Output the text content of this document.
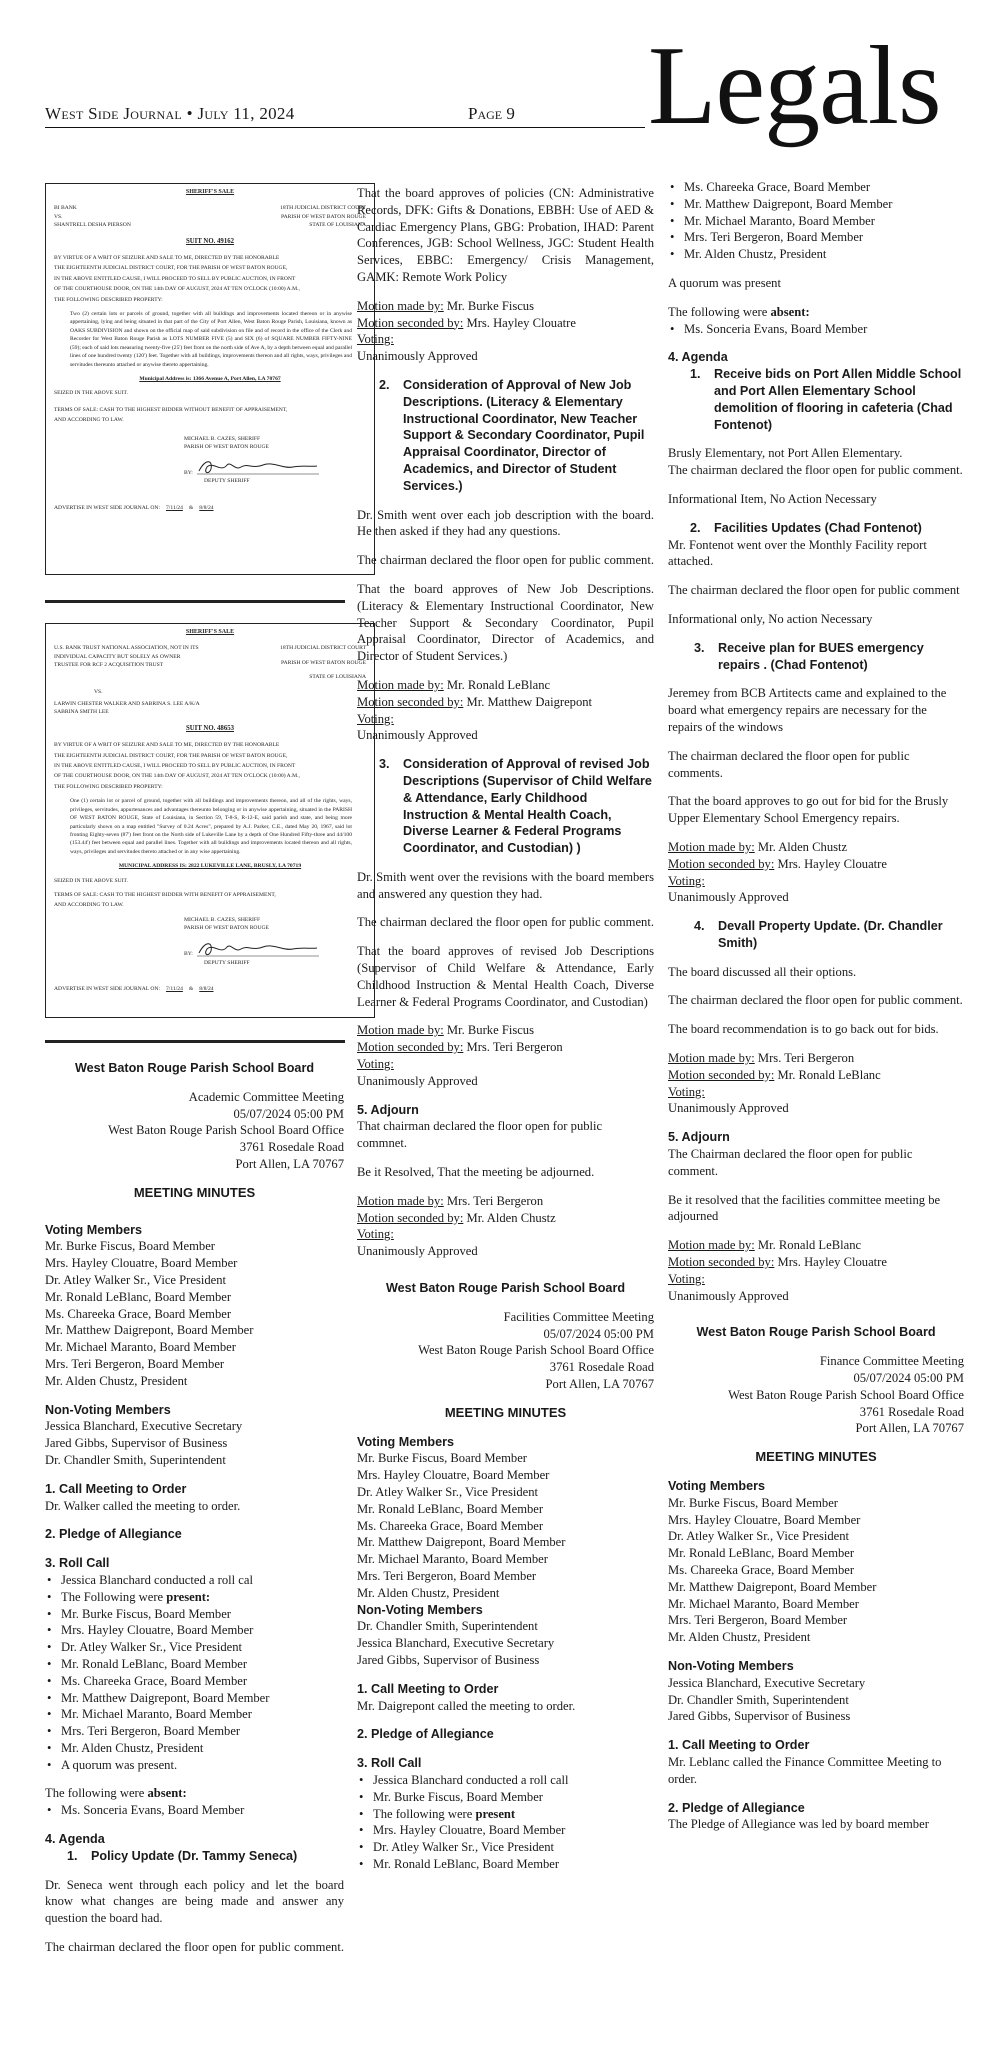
West Side Journal • July 11, 2024	Page 9 Legals
SHERIFF'S SALE
BI BANK	18TH JUDICIAL DISTRICT COURT
VS.	PARISH OF WEST BATON ROUGE
SHANTRELL DESHA PIERSON	STATE OF LOUISIANA
SUIT NO. 49162
BY VIRTUE OF A WRIT OF SEIZURE AND SALE TO ME, DIRECTED BY THE HONORABLE
THE EIGHTEENTH JUDICIAL DISTRICT COURT, FOR THE PARISH OF WEST BATON ROUGE,
IN THE ABOVE ENTITLED CAUSE, I WILL PROCEED TO SELL BY PUBLIC AUCTION, IN FRONT
OF THE COURTHOUSE DOOR, ON THE 14th DAY OF AUGUST, 2024 AT TEN O'CLOCK (10:00) A.M.,
THE FOLLOWING DESCRIBED PROPERTY:
Two (2) certain lots or parcels of ground, together with all buildings and improvements located thereon or in anywise appertaining, lying and being situated in that part of the City of Port Allen, West Baton Rouge Parish, Louisiana, known as OAKS SUBDIVISION and shown on the official map of said subdivision on file and of record in the office of the Clerk and Recorder for West Baton Rouge Parish as LOTS NUMBER FIVE (5) and SIX (6) of SQUARE NUMBER FIFTY-NINE (59); each of said lots measuring twenty-five (25') feet front on the north side of Ave A, by a depth between equal and parallel lines of one hundred twenty (120') feet. Together with all buildings, improvements thereon and all rights, ways, privileges and servitudes thereunto attached or anywise thereto appertaining.
Municipal Address is: 1366 Avenue A, Port Allen, LA 70767
SEIZED IN THE ABOVE SUIT.
TERMS OF SALE: CASH TO THE HIGHEST BIDDER WITHOUT BENEFIT OF APPRAISEMENT,
AND ACCORDING TO LAW.
MICHAEL B. CAZES, SHERIFF
PARISH OF WEST BATON ROUGE
BY:
DEPUTY SHERIFF
ADVERTISE IN WEST SIDE JOURNAL ON: 7/11/24 & 8/8/24
SHERIFF'S SALE
U.S. BANK TRUST NATIONAL ASSOCIATION, NOT IN ITS INDIVIDUAL CAPACITY BUT SOLELY AS OWNER TRUSTEE FOR RCF 2 ACQUISITION TRUST
18TH JUDICIAL DISTRICT COURT
PARISH OF WEST BATON ROUGE
STATE OF LOUISIANA
VS.
LARWIN CHESTER WALKER AND SABRINA S. LEE A/K/A SABRINA SMITH LEE
SUIT NO. 48653
BY VIRTUE OF A WRIT OF SEIZURE AND SALE TO ME, DIRECTED BY THE HONORABLE
THE EIGHTEENTH JUDICIAL DISTRICT COURT, FOR THE PARISH OF WEST BATON ROUGE,
IN THE ABOVE ENTITLED CAUSE, I WILL PROCEED TO SELL BY PUBLIC AUCTION, IN FRONT
OF THE COURTHOUSE DOOR, ON THE 14th DAY OF AUGUST, 2024 AT TEN O'CLOCK (10:00) A.M.,
THE FOLLOWING DESCRIBED PROPERTY:
One (1) certain lot or parcel of ground, together with all buildings and improvements thereon, and all of the rights, ways, privileges, servitudes, appurtenances and advantages thereunto belonging or in anywise appertaining, situated in the PARISH OF WEST BATON ROUGE, State of Louisiana, in Section 59, T-8-S, R-12-E, said parish and state, and being more particularly shown on a map entitled "Survey of 0.24 Acres", prepared by A.J. Parker, C.E., dated May 20, 1967, said lot fronting Eighty-seven (87') feet front on the North side of Lukeville Lane by a depth of One Hundred Fifty-three and 44/100 (153.44') feet between equal and parallel lines. Together with all buildings and improvements located thereon and all rights, ways, privileges and servitudes thereto attached or in any wise appertaining.
MUNICIPAL ADDRESS IS: 2822 LUKEVILLE LANE, BRUSLY, LA 70719
SEIZED IN THE ABOVE SUIT.
TERMS OF SALE: CASH TO THE HIGHEST BIDDER WITH BENEFIT OF APPRAISEMENT,
AND ACCORDING TO LAW.
MICHAEL B. CAZES, SHERIFF
PARISH OF WEST BATON ROUGE
BY:
DEPUTY SHERIFF
ADVERTISE IN WEST SIDE JOURNAL ON: 7/11/24 & 8/8/24

West Baton Rouge Parish School Board

Academic Committee Meeting

05/07/2024 05:00 PM

West Baton Rouge Parish School Board Office

3761 Rosedale Road

Port Allen, LA 70767

MEETING MINUTES

Voting Members

Mr. Burke Fiscus, Board Member

Mrs. Hayley Clouatre, Board Member

Dr. Atley Walker Sr., Vice President

Mr. Ronald LeBlanc, Board Member

Ms. Chareeka Grace, Board Member

Mr. Matthew Daigrepont, Board Member

Mr. Michael Maranto, Board Member

Mrs. Teri Bergeron, Board Member

Mr. Alden Chustz, President

Non-Voting Members

Jessica Blanchard, Executive Secretary

Jared Gibbs, Supervisor of Business

Dr. Chandler Smith, Superintendent

1. Call Meeting to Order

Dr. Walker called the meeting to order.

2. Pledge of Allegiance

3. Roll Call

• Jessica Blanchard conducted a roll cal
• The Following were present:
• Mr. Burke Fiscus, Board Member
• Mrs. Hayley Clouatre, Board Member
• Dr. Atley Walker Sr., Vice President
• Mr. Ronald LeBlanc, Board Member
• Ms. Chareeka Grace, Board Member
• Mr. Matthew Daigrepont, Board Member
• Mr. Michael Maranto, Board Member
• Mrs. Teri Bergeron, Board Member
• Mr. Alden Chustz, President
• A quorum was present.

The following were absent:

• Ms. Sonceria Evans, Board Member

4. Agenda

1.	Policy Update (Dr. Tammy Seneca)

Dr. Seneca went through each policy and let the board know what changes are being made and answer any question the board had.

The chairman declared the floor open for public comment.

That the board approves of policies (CN: Administrative Records, DFK: Gifts & Donations, EBBH: Use of AED & Cardiac Emergency Plans, GBG: Probation, IHAD: Parent Conferences, JGB: School Wellness, JGC: Student Health Services, EBBC: Emergency/ Crisis Management, GAMK: Remote Work Policy

Motion made by: Mr. Burke Fiscus

Motion seconded by: Mrs. Hayley Clouatre

Voting:

Unanimously Approved

2.	Consideration of Approval of New Job Descriptions. (Literacy & Elementary Instructional Coordinator, New Teacher Support & Secondary Coordinator, Pupil Appraisal Coordinator, Director of Academics, and Director of Student Services.)

Dr. Smith went over each job description with the board. He then asked if they had any questions.

The chairman declared the floor open for public comment.

That the board approves of New Job Descriptions. (Literacy & Elementary Instructional Coordinator, New Teacher Support & Secondary Coordinator, Pupil Appraisal Coordinator, Director of Academics, and Director of Student Services.)

Motion made by: Mr. Ronald LeBlanc

Motion seconded by: Mr. Matthew Daigrepont

Voting:

Unanimously Approved

3.	Consideration of Approval of revised Job Descriptions (Supervisor of Child Welfare & Attendance, Early Childhood Instruction & Mental Health Coach, Diverse Learner & Federal Programs Coordinator, and Custodian) )

Dr. Smith went over the revisions with the board members and answered any question they had.

The chairman declared the floor open for public comment.

That the board approves of revised Job Descriptions (Supervisor of Child Welfare & Attendance, Early Childhood Instruction & Mental Health Coach, Diverse Learner & Federal Programs Coordinator, and Custodian)

Motion made by: Mr. Burke Fiscus

Motion seconded by: Mrs. Teri Bergeron

Voting:

Unanimously Approved

5. Adjourn

That chairman declared the floor open for public commnet.

Be it Resolved, That the meeting be adjourned.

Motion made by: Mrs. Teri Bergeron

Motion seconded by: Mr. Alden Chustz

Voting:

Unanimously Approved

West Baton Rouge Parish School Board

Facilities Committee Meeting

05/07/2024 05:00 PM

West Baton Rouge Parish School Board Office

3761 Rosedale Road

Port Allen, LA 70767

MEETING MINUTES

Voting Members

Mr. Burke Fiscus, Board Member

Mrs. Hayley Clouatre, Board Member

Dr. Atley Walker Sr., Vice President

Mr. Ronald LeBlanc, Board Member

Ms. Chareeka Grace, Board Member

Mr. Matthew Daigrepont, Board Member

Mr. Michael Maranto, Board Member

Mrs. Teri Bergeron, Board Member

Mr. Alden Chustz, President

Non-Voting Members

Dr. Chandler Smith, Superintendent

Jessica Blanchard, Executive Secretary

Jared Gibbs, Supervisor of Business

1. Call Meeting to Order

Mr. Daigrepont called the meeting to order.

2. Pledge of Allegiance

3. Roll Call

• Jessica Blanchard conducted a roll call
• Mr. Burke Fiscus, Board Member
• The following were present
• Mrs. Hayley Clouatre, Board Member
• Dr. Atley Walker Sr., Vice President
• Mr. Ronald LeBlanc, Board Member
• Ms. Chareeka Grace, Board Member
• Mr. Matthew Daigrepont, Board Member
• Mr. Michael Maranto, Board Member
• Mrs. Teri Bergeron, Board Member
• Mr. Alden Chustz, President

A quorum was present

The following were absent:

• Ms. Sonceria Evans, Board Member

4. Agenda

1.	Receive bids on Port Allen Middle School and Port Allen Elementary School demolition of flooring in cafeteria (Chad Fontenot)

Brusly Elementary, not Port Allen Elementary.

The chairman declared the floor open for public comment.

Informational Item, No Action Necessary

2.	Facilities Updates (Chad Fontenot)

Mr. Fontenot went over the Monthly Facility report attached.

The chairman declared the floor open for public comment

Informational only, No action Necessary

3.	Receive plan for BUES emergency repairs . (Chad Fontenot)

Jeremey from BCB Artitects came and explained to the board what emergency repairs are necessary for the repairs of the windows

The chairman declared the floor open for public comments.

That the board approves to go out for bid for the Brusly Upper Elementary School Emergency repairs.

Motion made by: Mr. Alden Chustz

Motion seconded by: Mrs. Hayley Clouatre

Voting:

Unanimously Approved

4.	Devall Property Update. (Dr. Chandler Smith)

The board discussed all their options.

The chairman declared the floor open for public comment.

The board recommendation is to go back out for bids.

Motion made by: Mrs. Teri Bergeron

Motion seconded by: Mr. Ronald LeBlanc

Voting:

Unanimously Approved

5. Adjourn

The Chairman declared the floor open for public comment.

Be it resolved that the facilities committee meeting be adjourned

Motion made by: Mr. Ronald LeBlanc

Motion seconded by: Mrs. Hayley Clouatre

Voting:

Unanimously Approved

West Baton Rouge Parish School Board

Finance Committee Meeting

05/07/2024 05:00 PM

West Baton Rouge Parish School Board Office

3761 Rosedale Road

Port Allen, LA 70767

MEETING MINUTES

Voting Members

Mr. Burke Fiscus, Board Member

Mrs. Hayley Clouatre, Board Member

Dr. Atley Walker Sr., Vice President

Mr. Ronald LeBlanc, Board Member

Ms. Chareeka Grace, Board Member

Mr. Matthew Daigrepont, Board Member

Mr. Michael Maranto, Board Member

Mrs. Teri Bergeron, Board Member

Mr. Alden Chustz, President

Non-Voting Members

Jessica Blanchard, Executive Secretary

Dr. Chandler Smith, Superintendent

Jared Gibbs, Supervisor of Business

1. Call Meeting to Order

Mr. Leblanc called the Finance Committee Meeting to order.

2. Pledge of Allegiance

The Pledge of Allegiance was led by board member
